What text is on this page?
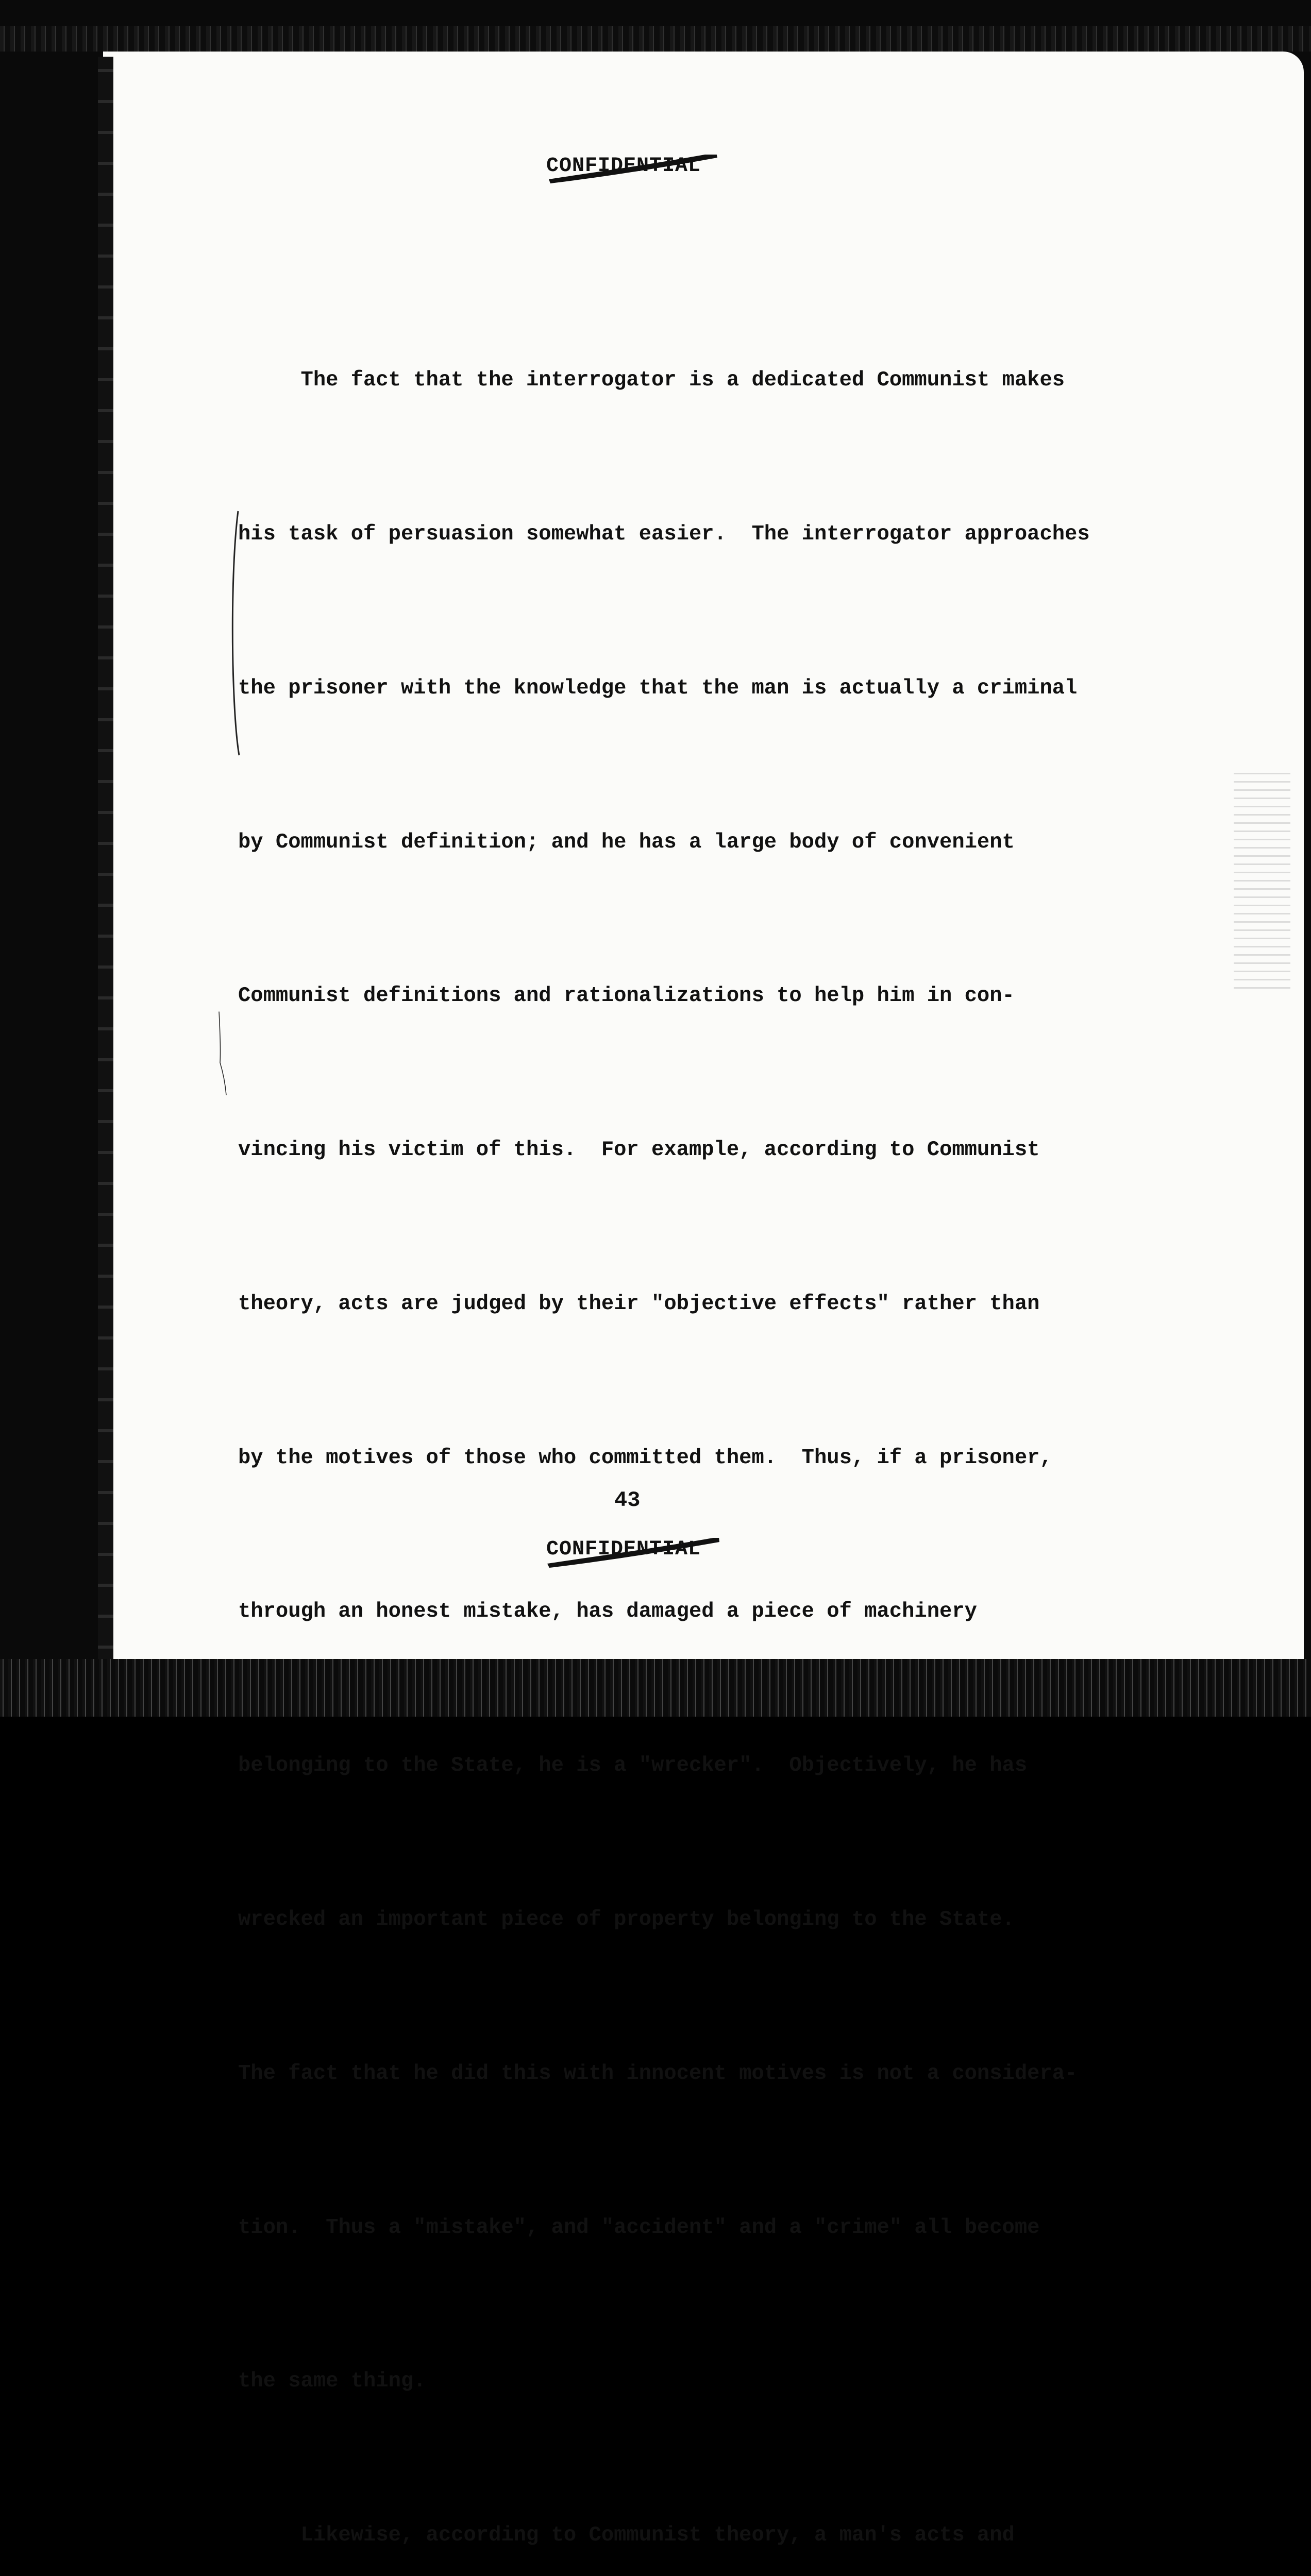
CONFIDENTIAL

The fact that the interrogator is a dedicated Communist makes

his task of persuasion somewhat easier.  The interrogator approaches

the prisoner with the knowledge that the man is actually a criminal

by Communist definition; and he has a large body of convenient

Communist definitions and rationalizations to help him in con-

vincing his victim of this.  For example, according to Communist

theory, acts are judged by their "objective effects" rather than

by the motives of those who committed them.  Thus, if a prisoner,

through an honest mistake, has damaged a piece of machinery

belonging to the State, he is a "wrecker".  Objectively, he has

wrecked an important piece of property belonging to the State.

The fact that he did this with innocent motives is not a considera-

tion.  Thus a "mistake", and "accident" and a "crime" all become

the same thing.

Likewise, according to Communist theory, a man's acts and

43
CONFIDENTIAL
